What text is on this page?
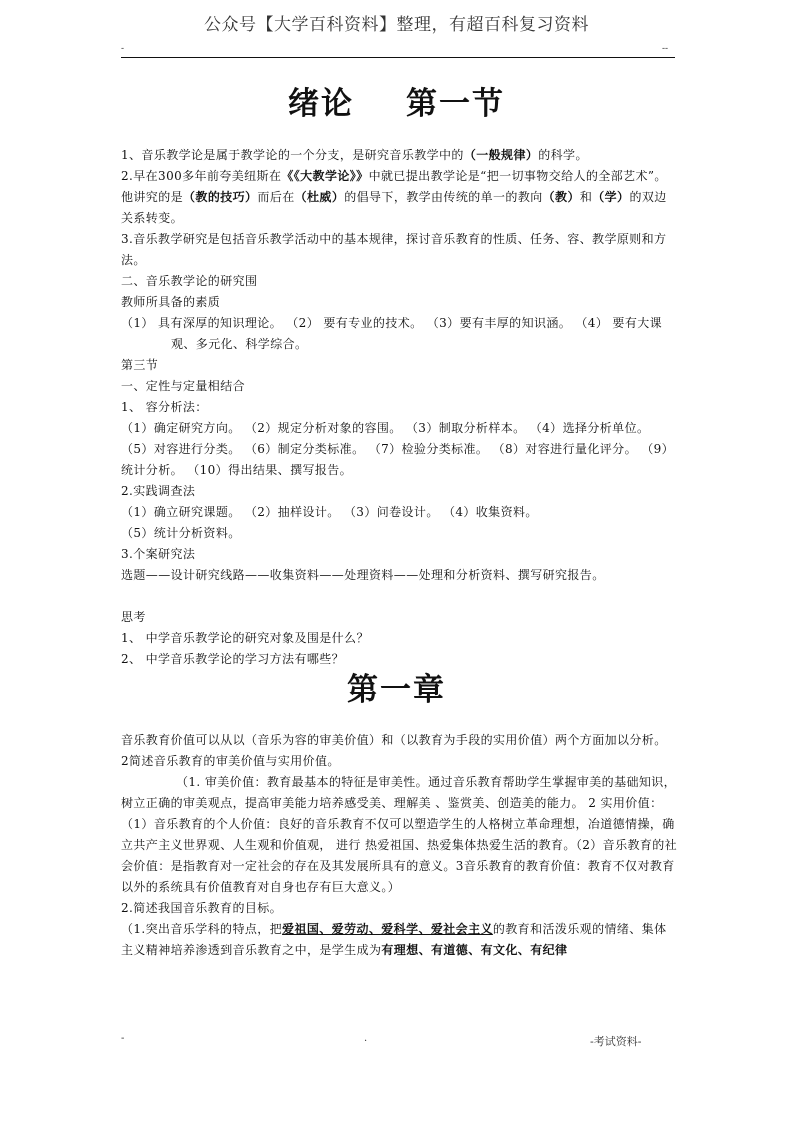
公众号【大学百科资料】整理，有超百科复习资料
-	--
绪论 第一节

1、音乐教学论是属于教学论的一个分支，是研究音乐教学中的（一般规律）的科学。

2.早在300多年前夸美纽斯在《《大教学论》》中就已提出教学论是“把一切事物交给人的全部艺术”。他讲究的是（教的技巧）而后在（杜威）的倡导下，教学由传统的单一的教向（教）和（学）的双边关系转变。

3.音乐教学研究是包括音乐教学活动中的基本规律，探讨音乐教育的性质、任务、容、教学原则和方法。

二、音乐教学论的研究围

教师所具备的素质

（1） 具有深厚的知识理论。 （2） 要有专业的技术。 （3）要有丰厚的知识涵。 （4） 要有大课观、多元化、科学综合。

第三节

一、定性与定量相结合

1、 容分析法：

（1）确定研究方向。 （2）规定分析对象的容围。 （3）制取分析样本。 （4）选择分析单位。 （5）对容进行分类。 （6）制定分类标准。 （7）检验分类标准。 （8）对容进行量化评分。 （9）统计分析。 （10）得出结果、撰写报告。

2.实践调查法

（1）确立研究课题。 （2）抽样设计。 （3）问卷设计。 （4）收集资料。

（5）统计分析资料。

3.个案研究法

选题——设计研究线路——收集资料——处理资料——处理和分析资料、撰写研究报告。

思考

1、 中学音乐教学论的研究对象及围是什么？

2、 中学音乐教学论的学习方法有哪些？

第一章

音乐教育价值可以从以（音乐为容的审美价值）和（以教育为手段的实用价值）两个方面加以分析。

2简述音乐教育的审美价值与实用价值。

（1. 审美价值：教育最基本的特征是审美性。通过音乐教育帮助学生掌握审美的基础知识，树立正确的审美观点，提高审美能力培养感受美、理解美 、鉴赏美、创造美的能力。 2 实用价值：（1）音乐教育的个人价值：良好的音乐教育不仅可以塑造学生的人格树立革命理想，冶道德情操，确立共产主义世界观、人生观和价值观， 进行 热爱祖国、热爱集体热爱生活的教育。（2）音乐教育的社会价值：是指教育对一定社会的存在及其发展所具有的意义。3音乐教育的教育价值：教育不仅对教育以外的系统具有价值教育对自身也存有巨大意义。）

2.简述我国音乐教育的目标。

（1.突出音乐学科的特点，把爱祖国、爱劳动、爱科学、爱社会主义的教育和活泼乐观的情绪、集体主义精神培养渗透到音乐教育之中，是学生成为有理想、有道德、有文化、有纪律

-	.	-考试资料-
